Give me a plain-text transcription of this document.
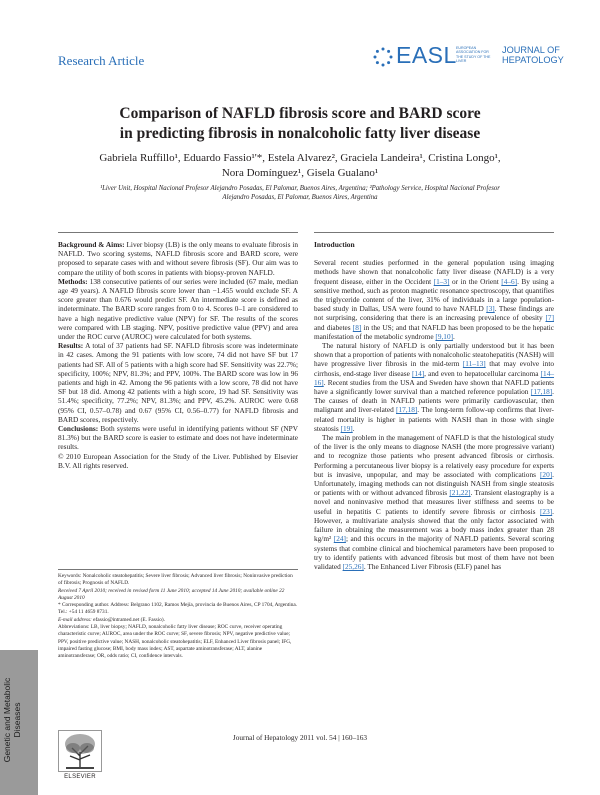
Research Article	EASL EUROPEAN ASSOCIATION FOR THE STUDY OF THE LIVER
JOURNAL OF
HEPATOLOGY
Comparison of NAFLD fibrosis score and BARD score
in predicting fibrosis in nonalcoholic fatty liver disease
Gabriela Ruffillo¹, Eduardo Fassio¹'*, Estela Alvarez², Graciela Landeira¹, Cristina Longo¹,
Nora Domínguez¹, Gisela Gualano¹
¹Liver Unit, Hospital Nacional Profesor Alejandro Posadas, El Palomar, Buenos Aires, Argentina; ²Pathology Service, Hospital Nacional Profesor
Alejandro Posadas, El Palomar, Buenos Aires, Argentina

Background & Aims: Liver biopsy (LB) is the only means to evaluate fibrosis in NAFLD. Two scoring systems, NAFLD fibrosis score and BARD score, were proposed to separate cases with and without severe fibrosis (SF). Our aim was to compare the utility of both scores in patients with biopsy-proven NAFLD.

Methods: 138 consecutive patients of our series were included (67 male, median age 49 years). A NAFLD fibrosis score lower than −1.455 would exclude SF. A score greater than 0.676 would predict SF. An intermediate score is defined as indeterminate. The BARD score ranges from 0 to 4. Scores 0–1 are considered to have a high negative predictive value (NPV) for SF. The results of the scores were compared with LB staging. NPV, positive predictive value (PPV) and area under the ROC curve (AUROC) were calculated for both systems.

Results: A total of 37 patients had SF. NAFLD fibrosis score was indeterminate in 42 cases. Among the 91 patients with low score, 74 did not have SF but 17 patients had SF. All of 5 patients with a high score had SF. Sensitivity was 22.7%; specificity, 100%; NPV, 81.3%; and PPV, 100%. The BARD score was low in 96 patients and high in 42. Among the 96 patients with a low score, 78 did not have SF but 18 did. Among 42 patients with a high score, 19 had SF. Sensitivity was 51.4%; specificity, 77.2%; NPV, 81.3%; and PPV, 45.2%. AUROC were 0.68 (95% CI, 0.57–0.78) and 0.67 (95% CI, 0.56–0.77) for NAFLD fibrosis and BARD scores, respectively.

Conclusions: Both systems were useful in identifying patients without SF (NPV 81.3%) but the BARD score is easier to estimate and does not have indeterminate results.

© 2010 European Association for the Study of the Liver. Published by Elsevier B.V. All rights reserved.

Keywords: Nonalcoholic steatohepatitis; Severe liver fibrosis; Advanced liver fibrosis; Noninvasive prediction of fibrosis; Prognosis of NAFLD.

Received 7 April 2010; received in revised form 11 June 2010; accepted 14 June 2010; available online 22 August 2010

* Corresponding author. Address: Belgrano 1102, Ramos Mejía, provincia de Buenos Aires, CP 1704, Argentina. Tel.: +54 11 4659 8731.

E-mail address: efassio@intramed.net (E. Fassio).

Abbreviations: LB, liver biopsy; NAFLD, nonalcoholic fatty liver disease; ROC curve, receiver operating characteristic curve; AUROC, area under the ROC curve; SF, severe fibrosis; NPV, negative predictive value; PPV, positive predictive value; NASH, nonalcoholic steatohepatitis; ELF, Enhanced Liver fibrosis panel; IFG, impaired fasting glucose; BMI, body mass index; AST, aspartate aminotransferase; ALT, alanine aminotransferase; OR, odds ratio; CI, confidence intervals.

Introduction

Several recent studies performed in the general population using imaging methods have shown that nonalcoholic fatty liver disease (NAFLD) is a very frequent disease, either in the Occident [1–3] or in the Orient [4–6]. By using a sensitive method, such as proton magnetic resonance spectroscopy, that quantifies the triglyceride content of the liver, 31% of individuals in a large population-based study in Dallas, USA were found to have NAFLD [3]. These findings are not surprising, considering that there is an increasing prevalence of obesity [7] and diabetes [8] in the US; and that NAFLD has been proposed to be the hepatic manifestation of the metabolic syndrome [9,10].

The natural history of NAFLD is only partially understood but it has been shown that a proportion of patients with nonalcoholic steatohepatitis (NASH) will have progressive liver fibrosis in the mid-term [11–13] that may evolve into cirrhosis, end-stage liver disease [14], and even to hepatocellular carcinoma [14–16]. Recent studies from the USA and Sweden have shown that NAFLD patients have a significantly lower survival than a matched reference population [17,18]. The causes of death in NAFLD patients were primarily cardiovascular, then malignant and liver-related [17,18]. The long-term follow-up confirms that liver-related mortality is higher in patients with NASH than in those with single steatosis [19].

The main problem in the management of NAFLD is that the histological study of the liver is the only means to diagnose NASH (the more progressive variant) and to recognize those patients who present advanced fibrosis or cirrhosis. Performing a percutaneous liver biopsy is a relatively easy procedure for experts but is invasive, unpopular, and may be associated with complications [20]. Unfortunately, imaging methods can not distinguish NASH from single steatosis or patients with or without advanced fibrosis [21,22]. Transient elastography is a novel and noninvasive method that measures liver stiffness and seems to be useful in hepatitis C patients to identify severe fibrosis or cirrhosis [23]. However, a multivariate analysis showed that the only factor associated with failure in obtaining the measurement was a body mass index greater than 28 kg/m² [24]; and this occurs in the majority of NAFLD patients. Several scoring systems that combine clinical and biochemical parameters have been proposed to try to identify patients with advanced fibrosis but most of them have not been validated [25,26]. The Enhanced Liver Fibrosis (ELF) panel has

Genetic and Metabolic Diseases
ELSEVIER
Journal of Hepatology 2011 vol. 54 | 160–163
